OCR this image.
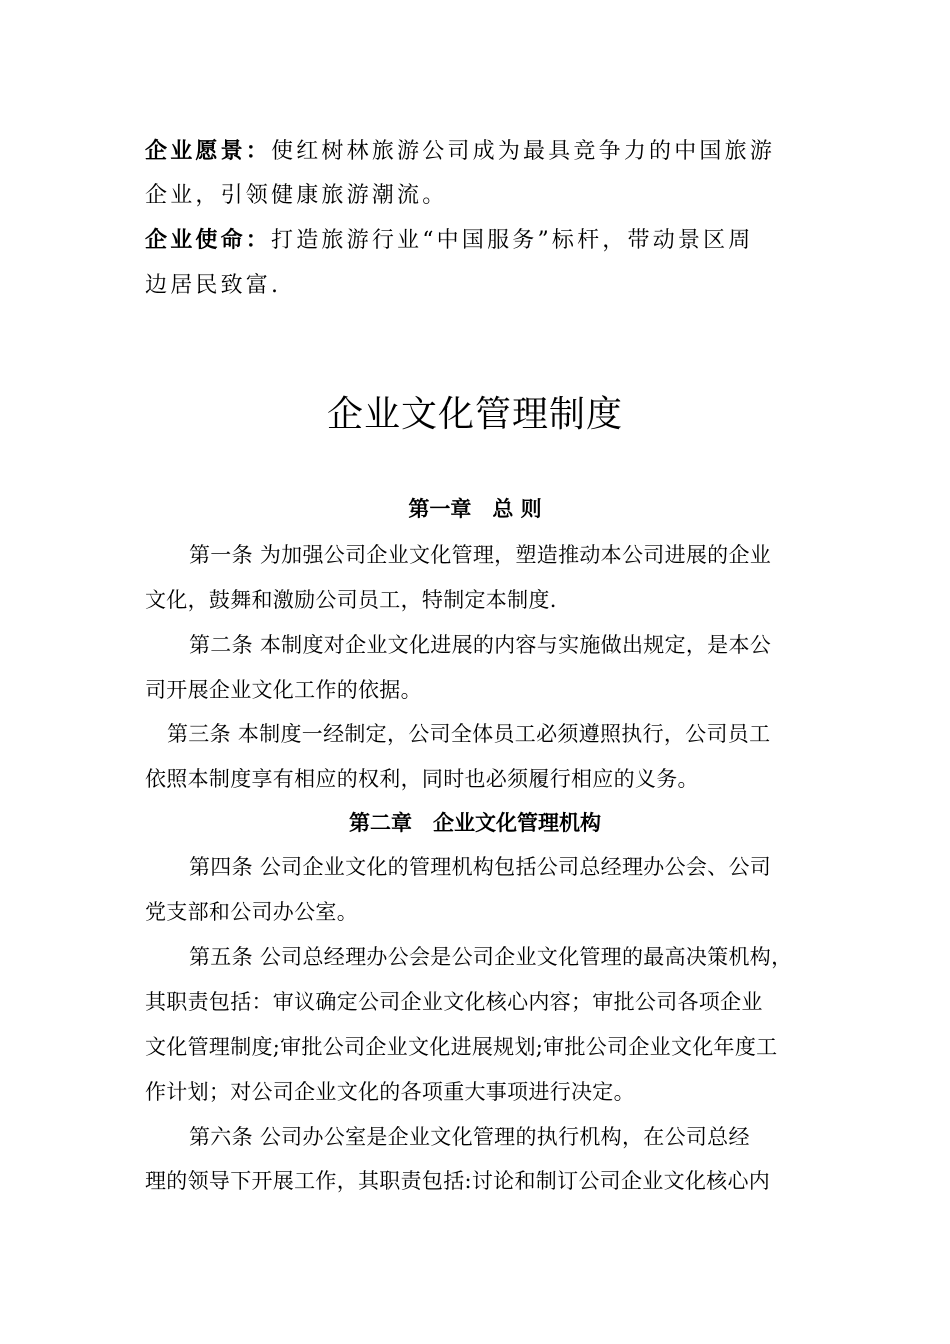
企业愿景：使红树林旅游公司成为最具竞争力的中国旅游
企业，引领健康旅游潮流。
企业使命：打造旅游行业“中国服务”标杆，带动景区周
边居民致富.
企业文化管理制度
第一章　总 则
第一条 为加强公司企业文化管理，塑造推动本公司进展的企业
文化，鼓舞和激励公司员工，特制定本制度.
第二条 本制度对企业文化进展的内容与实施做出规定，是本公
司开展企业文化工作的依据。
第三条 本制度一经制定，公司全体员工必须遵照执行，公司员工
依照本制度享有相应的权利，同时也必须履行相应的义务。
第二章　企业文化管理机构
第四条 公司企业文化的管理机构包括公司总经理办公会、公司
党支部和公司办公室。
第五条 公司总经理办公会是公司企业文化管理的最高决策机构，
其职责包括：审议确定公司企业文化核心内容；审批公司各项企业
文化管理制度;审批公司企业文化进展规划;审批公司企业文化年度工
作计划；对公司企业文化的各项重大事项进行决定。
第六条 公司办公室是企业文化管理的执行机构，在公司总经
理的领导下开展工作，其职责包括:讨论和制订公司企业文化核心内
